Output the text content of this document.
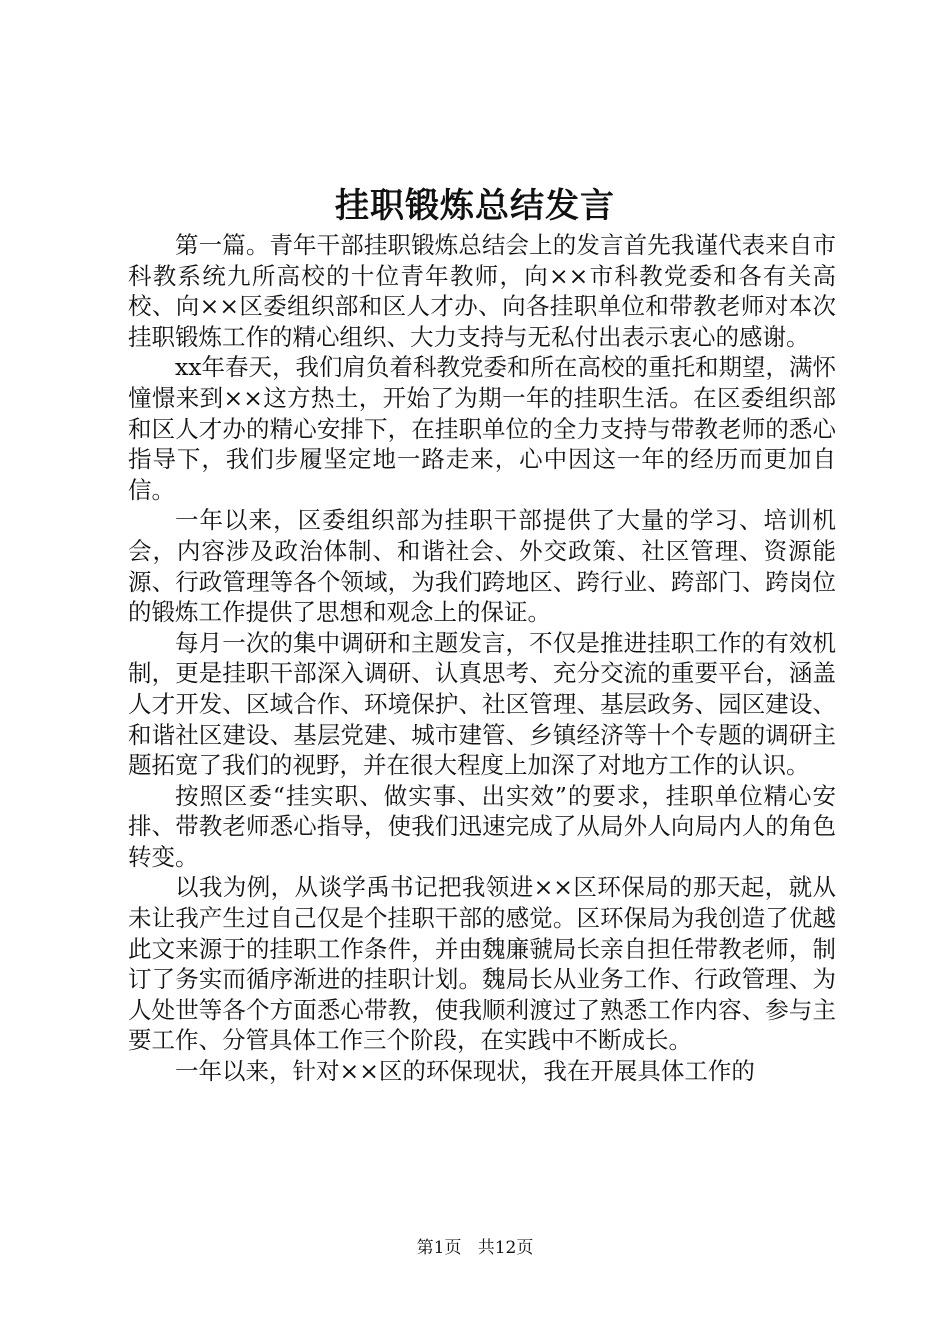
挂职锻炼总结发言

第一篇。青年干部挂职锻炼总结会上的发言首先我谨代表来自市科教系统九所高校的十位青年教师，向××市科教党委和各有关高校、向××区委组织部和区人才办、向各挂职单位和带教老师对本次挂职锻炼工作的精心组织、大力支持与无私付出表示衷心的感谢。

xx年春天，我们肩负着科教党委和所在高校的重托和期望，满怀憧憬来到××这方热土，开始了为期一年的挂职生活。在区委组织部和区人才办的精心安排下，在挂职单位的全力支持与带教老师的悉心指导下，我们步履坚定地一路走来，心中因这一年的经历而更加自信。

一年以来，区委组织部为挂职干部提供了大量的学习、培训机会，内容涉及政治体制、和谐社会、外交政策、社区管理、资源能源、行政管理等各个领域，为我们跨地区、跨行业、跨部门、跨岗位的锻炼工作提供了思想和观念上的保证。

每月一次的集中调研和主题发言，不仅是推进挂职工作的有效机制，更是挂职干部深入调研、认真思考、充分交流的重要平台，涵盖人才开发、区域合作、环境保护、社区管理、基层政务、园区建设、和谐社区建设、基层党建、城市建管、乡镇经济等十个专题的调研主题拓宽了我们的视野，并在很大程度上加深了对地方工作的认识。

按照区委“挂实职、做实事、出实效”的要求，挂职单位精心安排、带教老师悉心指导，使我们迅速完成了从局外人向局内人的角色转变。

以我为例，从谈学禹书记把我领进××区环保局的那天起，就从未让我产生过自己仅是个挂职干部的感觉。区环保局为我创造了优越此文来源于的挂职工作条件，并由魏廉虢局长亲自担任带教老师，制订了务实而循序渐进的挂职计划。魏局长从业务工作、行政管理、为人处世等各个方面悉心带教，使我顺利渡过了熟悉工作内容、参与主要工作、分管具体工作三个阶段，在实践中不断成长。

一年以来，针对××区的环保现状，我在开展具体工作的

第1页 共12页
